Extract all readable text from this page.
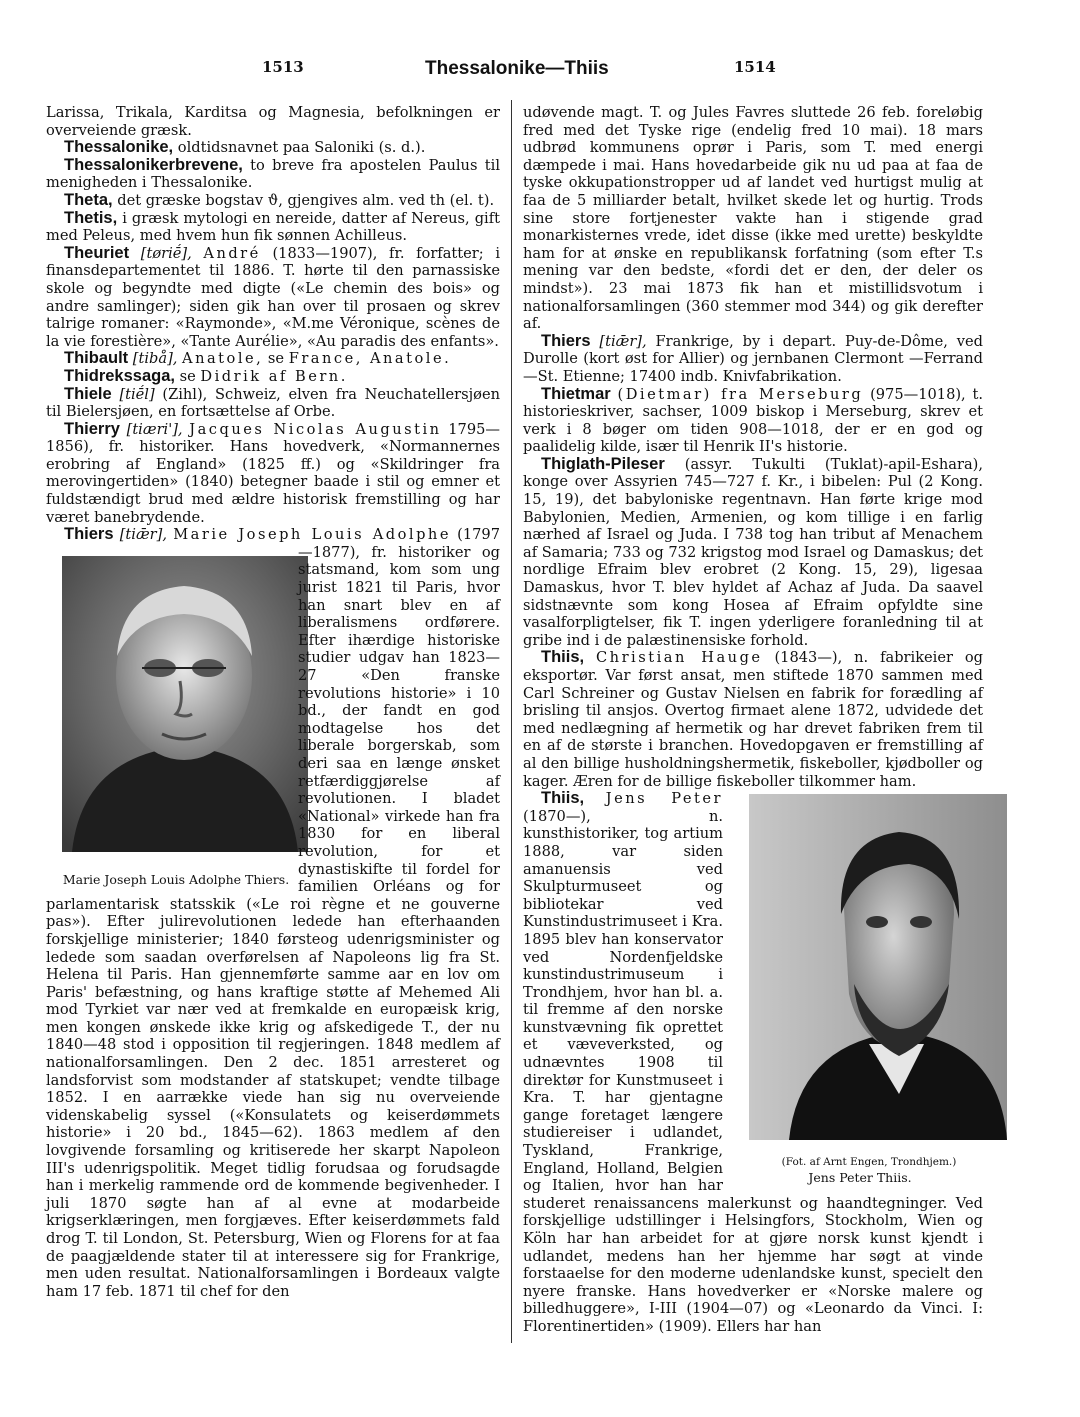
1513	Thessalonike—Thiis	1514

Larissa, Trikala, Karditsa og Magnesia, befolkningen er overveiende græsk.

Thessalonike, oldtidsnavnet paa Saloniki (s. d.).

Thessalonikerbrevene, to breve fra apostelen Paulus til menigheden i Thessalonike.

Theta, det græske bogstav ϑ, gjengives alm. ved th (el. t).

Thetis, i græsk mytologi en nereide, datter af Nereus, gift med Peleus, med hvem hun fik sønnen Achilleus.

Theuriet [tøriḗ], André (1833—1907), fr. forfatter; i finansdepartementet til 1886. T. hørte til den parnassiske skole og begyndte med digte («Le chemin des bois» og andre samlinger); siden gik han over til prosaen og skrev talrige romaner: «Raymonde», «M.me Véronique, scènes de la vie forestière», «Tante Aurélie», «Au paradis des enfants».

Thibault [tibå], Anatole, se France, Anatole.

Thidrekssaga, se Didrik af Bern.

Thiele [tiḗl] (Zihl), Schweiz, elven fra Neuchatellersjøen til Bielersjøen, en fortsættelse af Orbe.

Thierry [tiæri'], Jacques Nicolas Augustin 1795—1856), fr. historiker. Hans hovedverk, «Normannernes erobring af England» (1825 ff.) og «Skildringer fra merovingertiden» (1840) betegner baade i stil og emner et fuldstændigt brud med ældre historisk fremstilling og har været banebrydende.

Thiers [tiǣr], Marie Joseph Louis Adolphe
Marie Joseph Louis Adolphe Thiers.
(1797—1877), fr. historiker og statsmand, kom som ung jurist 1821 til Paris, hvor han snart blev en af liberalismens ordførere. Efter ihærdige historiske studier udgav han 1823—27 «Den franske revolutions historie» i 10 bd., der fandt en god modtagelse hos det liberale borgerskab, som deri saa en længe ønsket retfærdiggjørelse af revolutionen. I bladet «National» virkede han fra 1830 for en liberal revolution, for et dynastiskifte til fordel for familien Orléans og for parlamentarisk statsskik («Le roi règne et ne gouverne pas»). Efter julirevolutionen ledede han efterhaanden forskjellige ministerier; 1840 førsteog udenrigsminister og ledede som saadan overførelsen af Napoleons lig fra St. Helena til Paris. Han gjennemførte samme aar en lov om Paris' befæstning, og hans kraftige støtte af Mehemed Ali mod Tyrkiet var nær ved at fremkalde en europæisk krig, men kongen ønskede ikke krig og afskedigede T., der nu 1840—48 stod i opposition til regjeringen. 1848 medlem af nationalforsamlingen. Den 2 dec. 1851 arresteret og landsforvist som modstander af statskupet; vendte tilbage 1852. I en aarrække viede han sig nu overveiende videnskabelig syssel («Konsulatets og keiserdømmets historie» i 20 bd., 1845—62). 1863 medlem af den lovgivende forsamling og kritiserede her skarpt Napoleon III's udenrigspolitik. Meget tidlig forudsaa og forudsagde han i merkelig rammende ord de kommende begivenheder. I juli 1870 søgte han af al evne at modarbeide krigserklæringen, men forgjæves. Efter keiserdømmets fald drog T. til London, St. Petersburg, Wien og Florens for at faa de paagjældende stater til at interessere sig for Frankrige, men uden resultat. Nationalforsamlingen i Bordeaux valgte ham 17 feb. 1871 til chef for den

udøvende magt. T. og Jules Favres sluttede 26 feb. foreløbig fred med det Tyske rige (endelig fred 10 mai). 18 mars udbrød kommunens oprør i Paris, som T. med energi dæmpede i mai. Hans hovedarbeide gik nu ud paa at faa de tyske okkupationstropper ud af landet ved hurtigst mulig at faa de 5 milliarder betalt, hvilket skede let og hurtig. Trods sine store fortjenester vakte han i stigende grad monarkisternes vrede, idet disse (ikke med urette) beskyldte ham for at ønske en republikansk forfatning (som efter T.s mening var den bedste, «fordi det er den, der deler os mindst»). 23 mai 1873 fik han et mistillidsvotum i nationalforsamlingen (360 stemmer mod 344) og gik derefter af.

Thiers [tiǣr], Frankrige, by i depart. Puy-de-Dôme, ved Durolle (kort øst for Allier) og jernbanen Clermont —Ferrand—St. Etienne; 17400 indb. Knivfabrikation.

Thietmar (Dietmar) fra Merseburg (975—1018), t. historieskriver, sachser, 1009 biskop i Merseburg, skrev et verk i 8 bøger om tiden 908—1018, der er en god og paalidelig kilde, især til Henrik II's historie.

Thiglath-Pileser (assyr. Tukulti (Tuklat)-apil-Eshara), konge over Assyrien 745—727 f. Kr., i bibelen: Pul (2 Kong. 15, 19), det babyloniske regentnavn. Han førte krige mod Babylonien, Medien, Armenien, og kom tillige i en farlig nærhed af Israel og Juda. I 738 tog han tribut af Menachem af Samaria; 733 og 732 krigstog mod Israel og Damaskus; det nordlige Efraim blev erobret (2 Kong. 15, 29), ligesaa Damaskus, hvor T. blev hyldet af Achaz af Juda. Da saavel sidstnævnte som kong Hosea af Efraim opfyldte sine vasalforpligtelser, fik T. ingen yderligere foranledning til at gribe ind i de palæstinensiske forhold.

Thiis, Christian Hauge (1843—), n. fabrikeier og eksportør. Var først ansat, men stiftede 1870 sammen med Carl Schreiner og Gustav Nielsen en fabrik for forædling af brisling til ansjos. Overtog firmaet alene 1872, udvidede det med nedlægning af hermetik og har drevet fabriken frem til en af de største i branchen. Hovedopgaven er fremstilling af al den billige husholdningshermetik, fiskeboller, kjødboller og kager. Æren for de billige fiskeboller tilkommer ham.

Thiis, Jens Peter
(Fot. af Arnt Engen, Trondhjem.)
Jens Peter Thiis.
(1870—), n. kunsthistoriker, tog artium 1888, var siden amanuensis ved Skulpturmuseet og bibliotekar ved Kunstindustrimuseet i Kra. 1895 blev han konservator ved Nordenfjeldske kunstindustrimuseum i Trondhjem, hvor han bl. a. til fremme af den norske kunstvævning fik oprettet et væveverksted, og udnævntes 1908 til direktør for Kunstmuseet i Kra. T. har gjentagne gange foretaget længere studiereiser i udlandet, Tyskland, Frankrige, England, Holland, Belgien og Italien, hvor han har studeret renaissancens malerkunst og haandtegninger. Ved forskjellige udstillinger i Helsingfors, Stockholm, Wien og Köln har han arbeidet for at gjøre norsk kunst kjendt i udlandet, medens han her hjemme har søgt at vinde forstaaelse for den moderne udenlandske kunst, specielt den nyere franske. Hans hovedverker er «Norske malere og billedhuggere», I-III (1904—07) og «Leonardo da Vinci. I: Florentinertiden» (1909). Ellers har han
